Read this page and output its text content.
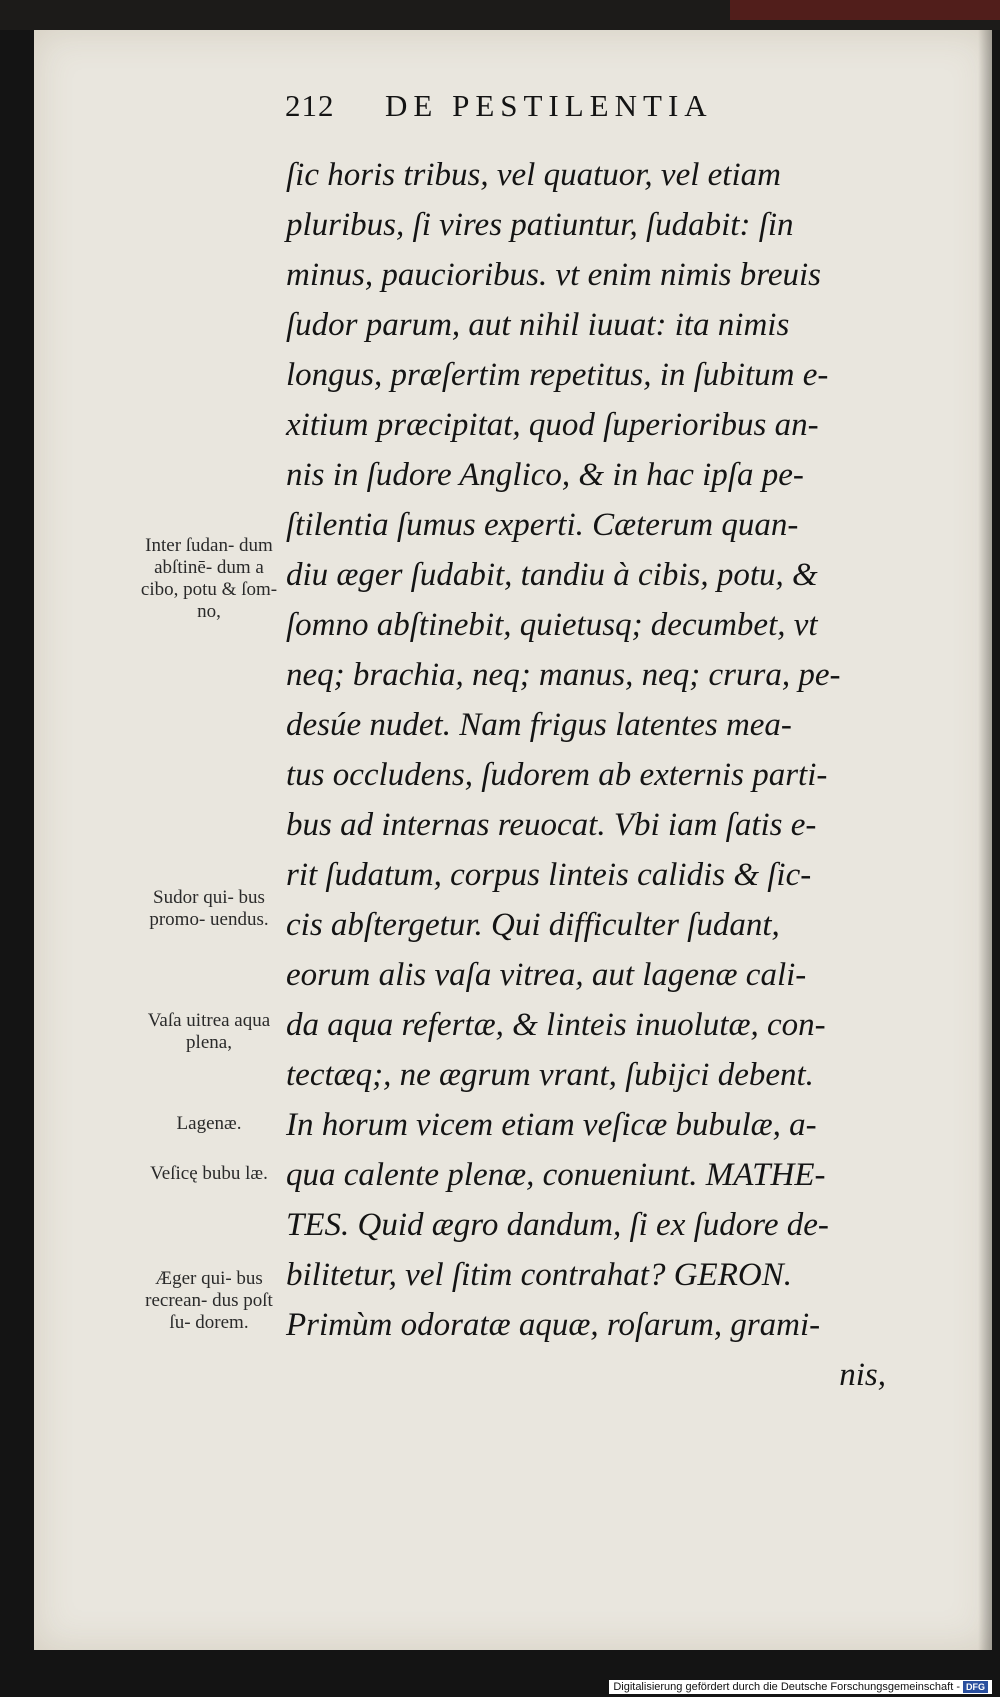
212	DE PESTILENTIA
ſic horis tribus, vel quatuor, vel etiam
pluribus, ſi vires patiuntur, ſudabit: ſin
minus, paucioribus. vt enim nimis breuis
ſudor parum, aut nihil iuuat: ita nimis
longus, præſertim repetitus, in ſubitum e-
xitium præcipitat, quod ſuperioribus an-
nis in ſudore Anglico, & in hac ipſa pe-
ſtilentia ſumus experti. Cæterum quan-
diu æger ſudabit, tandiu à cibis, potu, &
ſomno abſtinebit, quietusq; decumbet, vt
neq; brachia, neq; manus, neq; crura, pe-
desúe nudet. Nam frigus latentes mea-
tus occludens, ſudorem ab externis parti-
bus ad internas reuocat. Vbi iam ſatis e-
rit ſudatum, corpus linteis calidis & ſic-
cis abſtergetur. Qui difficulter ſudant,
eorum alis vaſa vitrea, aut lagenæ cali-
da aqua refertæ, & linteis inuolutæ, con-
tectæq;, ne ægrum vrant, ſubijci debent.
In horum vicem etiam veſicæ bubulæ, a-
qua calente plenæ, conueniunt. MATHE-
TES. Quid ægro dandum, ſi ex ſudore de-
bilitetur, vel ſitim contrahat? GERON.
Primùm odoratæ aquæ, roſarum, grami-
nis,
Inter ſudan- dum abſtinē- dum a cibo, potu & ſom- no,
Sudor qui- bus promo- uendus.
Vaſa uitrea aqua plena,
Lagenæ.
Veſicę bubu læ.
Æger qui- bus recrean- dus poſt ſu- dorem.
Digitalisierung gefördert durch die Deutsche Forschungsgemeinschaft - DFG
